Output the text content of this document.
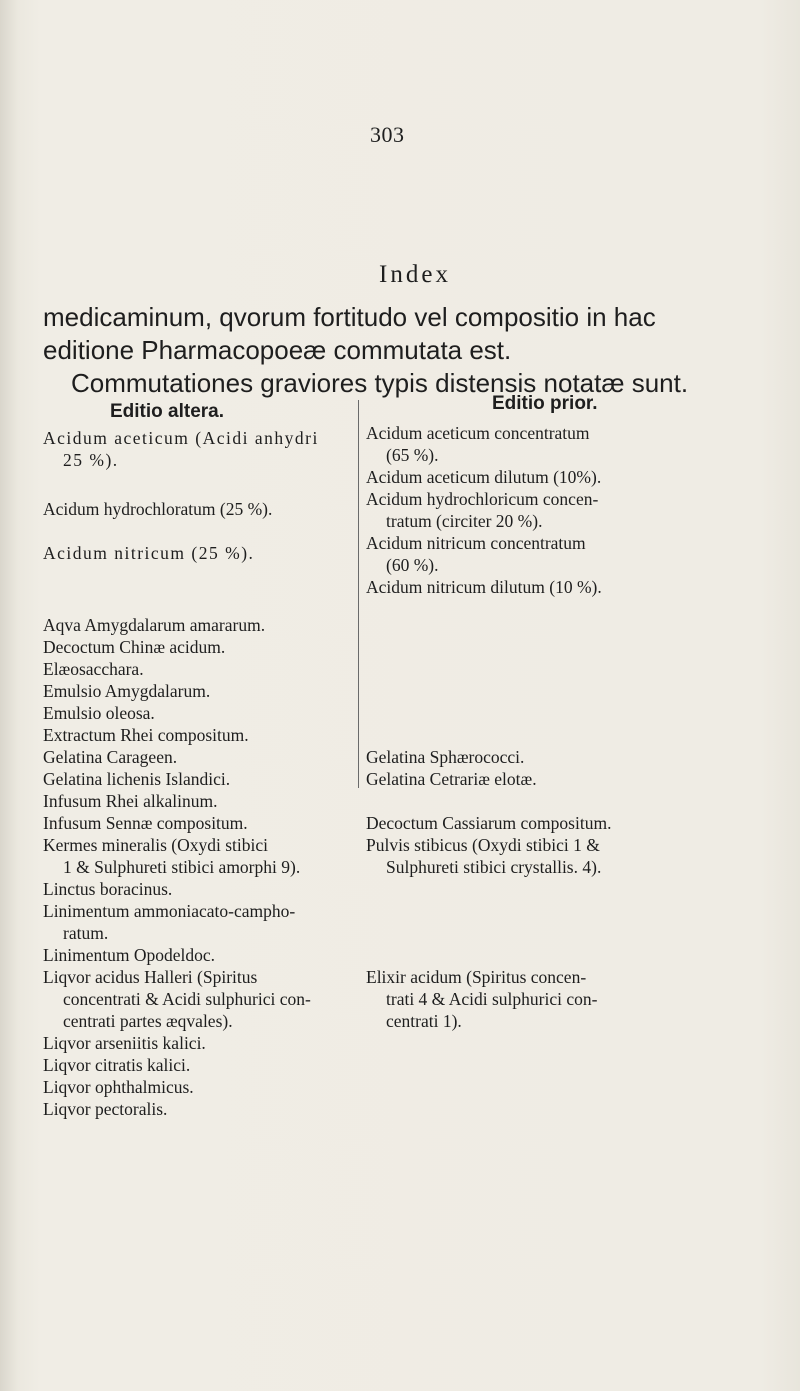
303
Index
medicaminum, qvorum fortitudo vel compositio in hac
editione Pharmacopoeæ commutata est.
Commutationes graviores typis distensis notatæ sunt.
Editio altera.	Editio prior.
Acidum aceticum (Acidi anhydri
25 %).
Acidum hydrochloratum (25 %).
Acidum nitricum (25 %).
Aqva Amygdalarum amararum.
Decoctum Chinæ acidum.
Elæosacchara.
Emulsio Amygdalarum.
Emulsio oleosa.
Extractum Rhei compositum.
Gelatina Carageen.
Gelatina lichenis Islandici.
Infusum Rhei alkalinum.
Infusum Sennæ compositum.
Kermes mineralis (Oxydi stibici
1 & Sulphureti stibici amorphi 9).
Linctus boracinus.
Linimentum ammoniacato-campho-
ratum.
Linimentum Opodeldoc.
Liqvor acidus Halleri (Spiritus
concentrati & Acidi sulphurici con-
centrati partes æqvales).
Liqvor arseniitis kalici.
Liqvor citratis kalici.
Liqvor ophthalmicus.
Liqvor pectoralis.
Acidum aceticum concentratum
(65 %).
Acidum aceticum dilutum (10%).
Acidum hydrochloricum concen-
tratum (circiter 20 %).
Acidum nitricum concentratum
(60 %).
Acidum nitricum dilutum (10 %).
Gelatina Sphærococci.
Gelatina Cetrariæ elotæ.
Decoctum Cassiarum compositum.
Pulvis stibicus (Oxydi stibici 1 &
Sulphureti stibici crystallis. 4).
Elixir acidum (Spiritus concen-
trati 4 & Acidi sulphurici con-
centrati 1).
